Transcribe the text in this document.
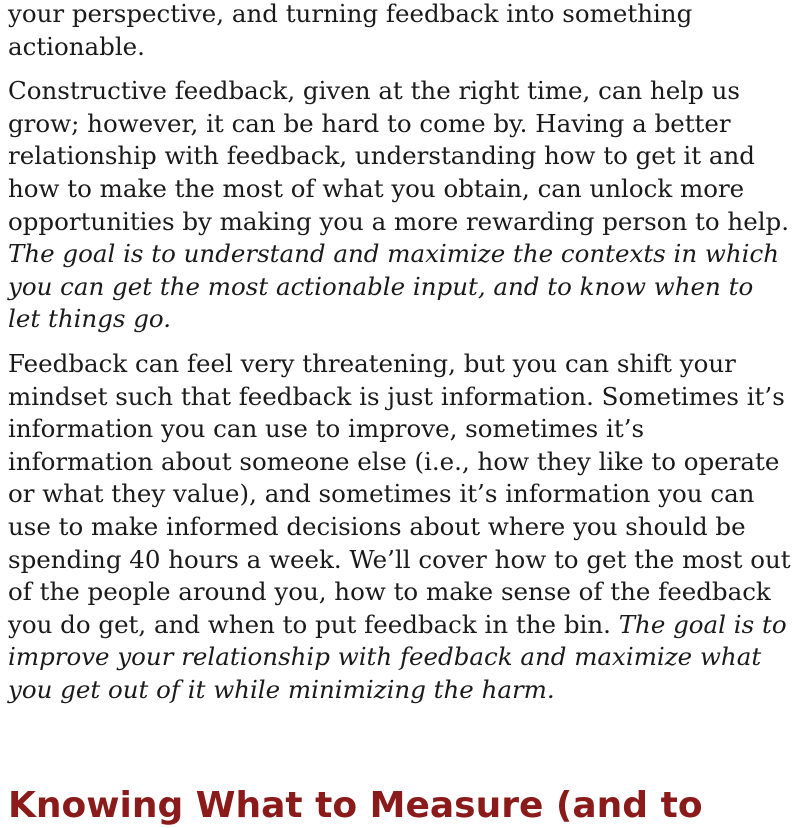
your perspective, and turning feedback into something actionable.

Constructive feedback, given at the right time, can help us grow; however, it can be hard to come by. Having a better relationship with feedback, understanding how to get it and how to make the most of what you obtain, can unlock more opportunities by making you a more rewarding person to help. The goal is to understand and maximize the contexts in which you can get the most actionable input, and to know when to let things go.

Feedback can feel very threatening, but you can shift your mindset such that feedback is just information. Sometimes it’s information you can use to improve, sometimes it’s information about someone else (i.e., how they like to operate or what they value), and sometimes it’s information you can use to make informed decisions about where you should be spending 40 hours a week. We’ll cover how to get the most out of the people around you, how to make sense of the feedback you do get, and when to put feedback in the bin. The goal is to improve your relationship with feedback and maximize what you get out of it while minimizing the harm.

Knowing What to Measure (and to
